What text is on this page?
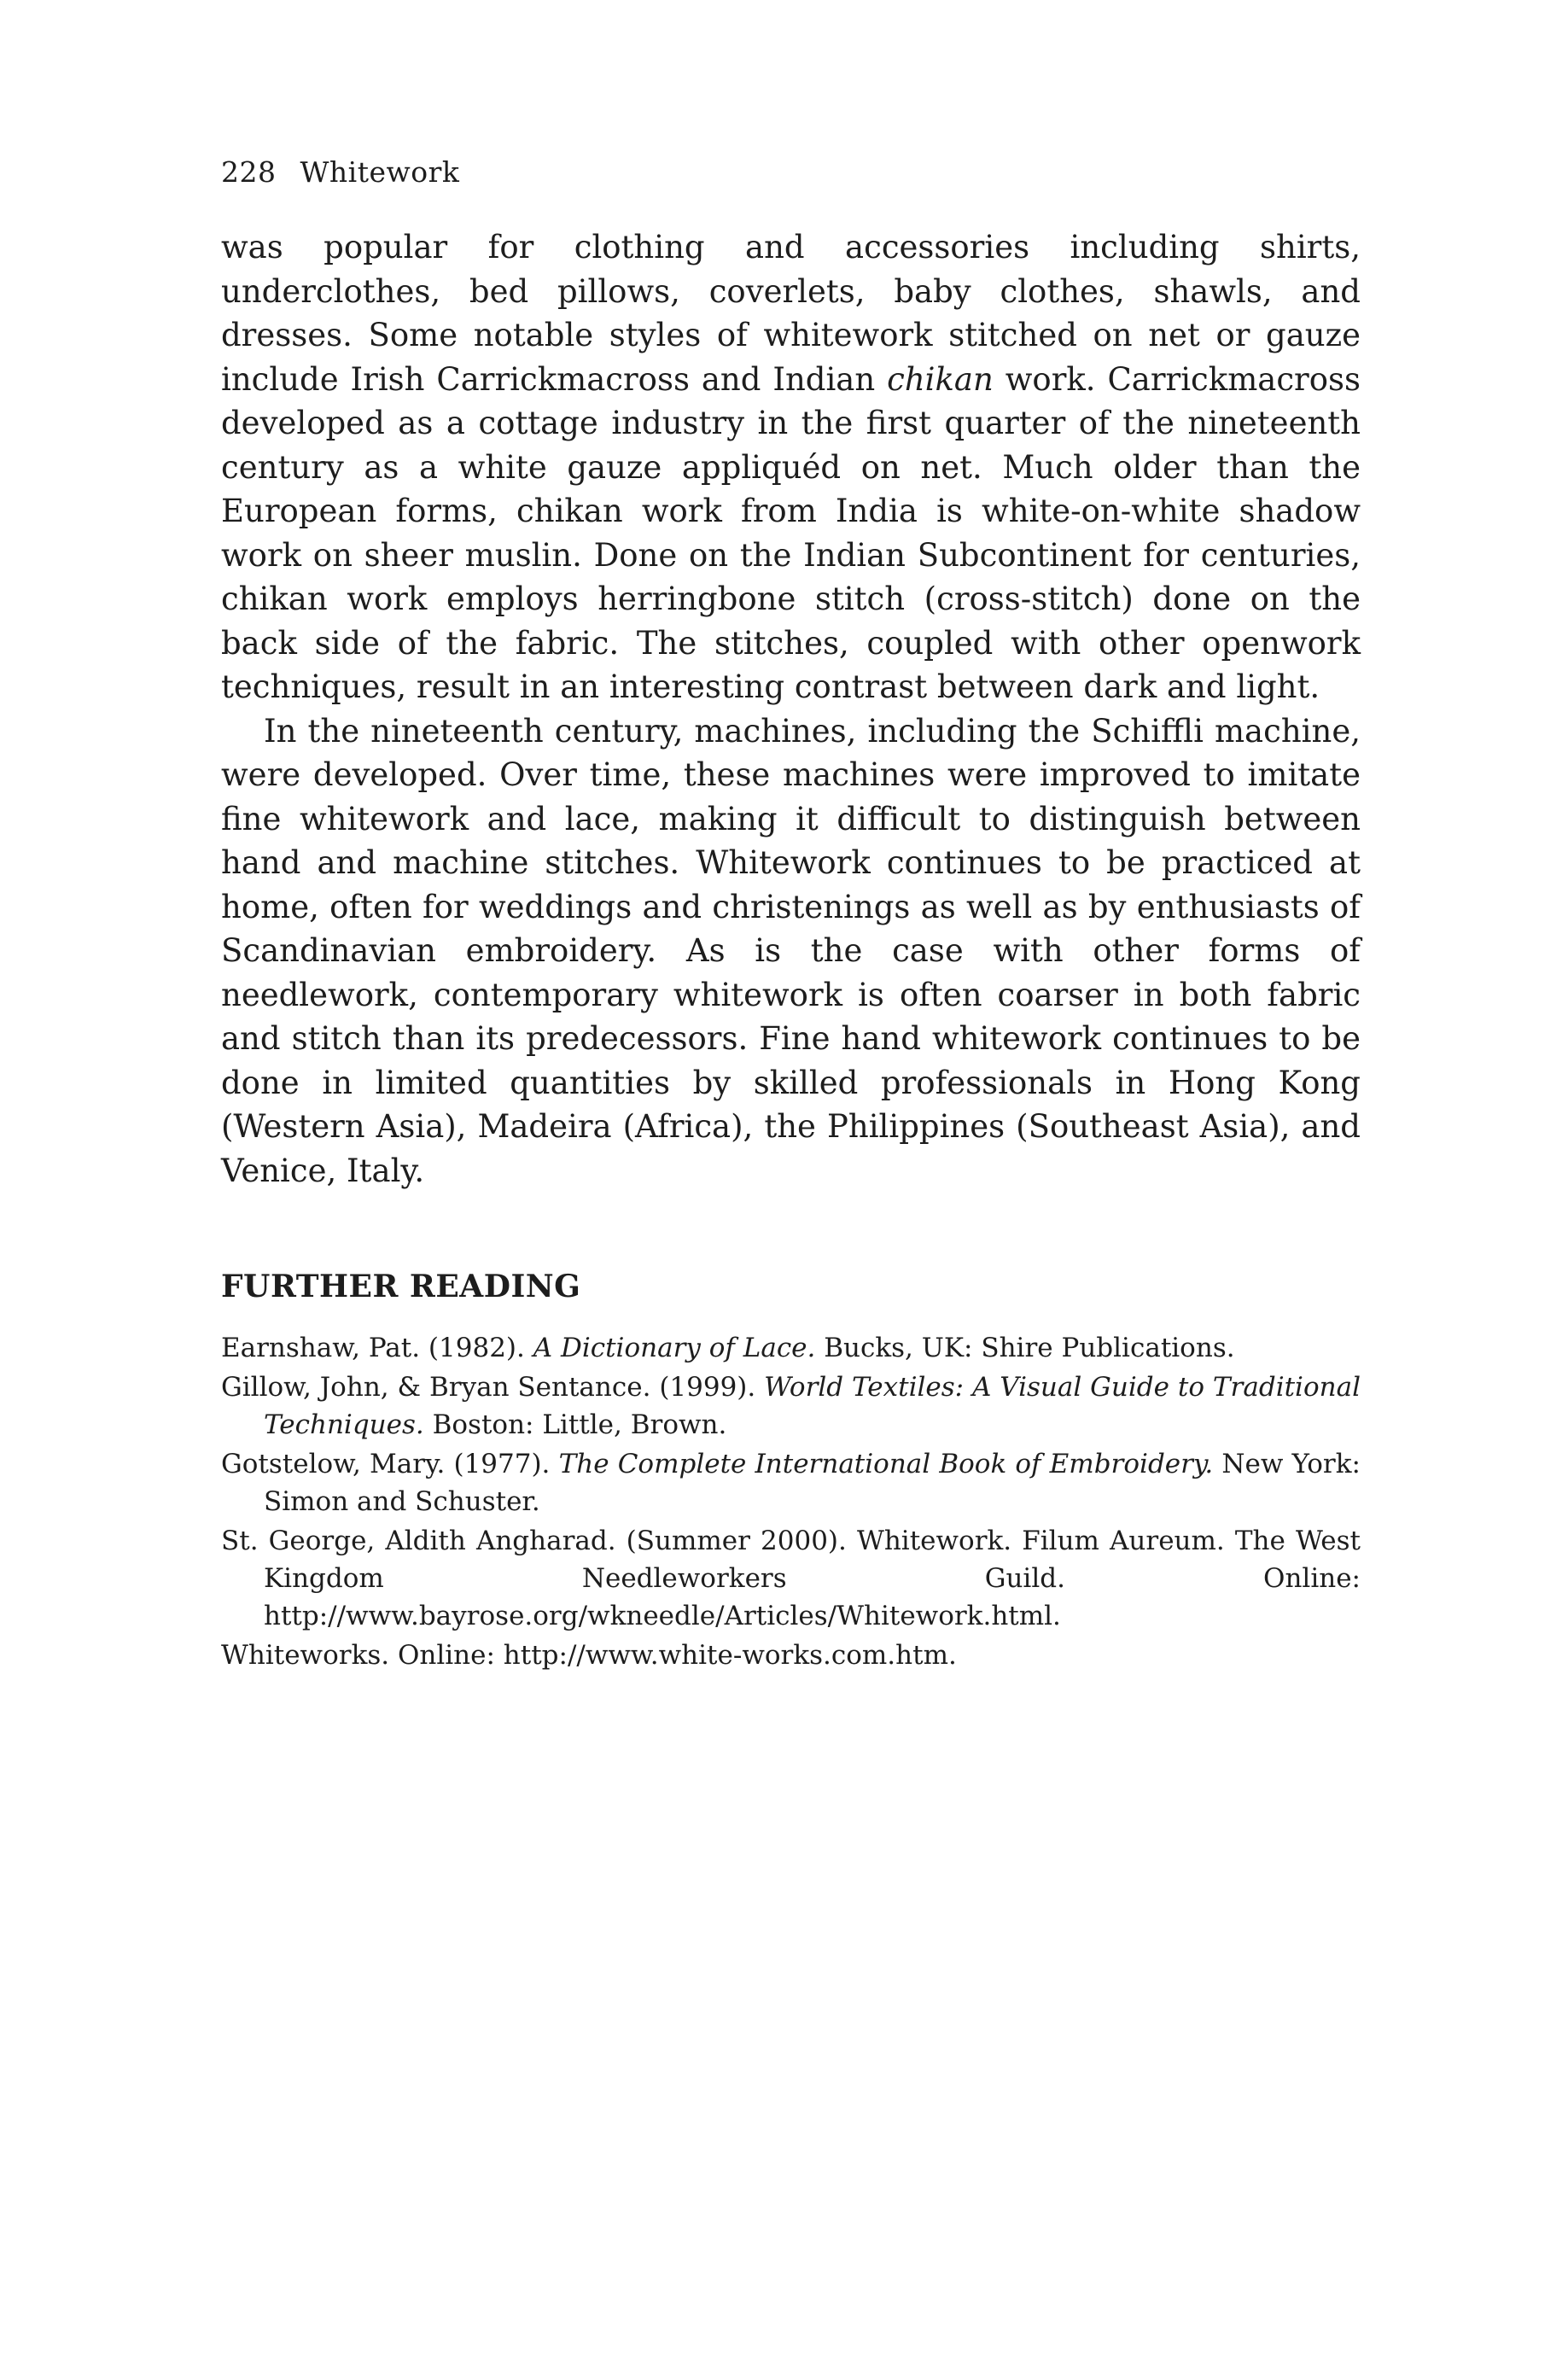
228 Whitework

was popular for clothing and accessories including shirts, underclothes, bed pillows, coverlets, baby clothes, shawls, and dresses. Some notable styles of whitework stitched on net or gauze include Irish Carrickmacross and Indian chikan work. Carrickmacross developed as a cottage industry in the first quarter of the nineteenth century as a white gauze appliquéd on net. Much older than the European forms, chikan work from India is white-on-white shadow work on sheer muslin. Done on the Indian Subcontinent for centuries, chikan work employs herringbone stitch (cross-stitch) done on the back side of the fabric. The stitches, coupled with other openwork techniques, result in an interesting contrast between dark and light.

In the nineteenth century, machines, including the Schiffli machine, were developed. Over time, these machines were improved to imitate fine whitework and lace, making it difficult to distinguish between hand and machine stitches. Whitework continues to be practiced at home, often for weddings and christenings as well as by enthusiasts of Scandinavian embroidery. As is the case with other forms of needlework, contemporary whitework is often coarser in both fabric and stitch than its predecessors. Fine hand whitework continues to be done in limited quantities by skilled professionals in Hong Kong (Western Asia), Madeira (Africa), the Philippines (Southeast Asia), and Venice, Italy.

FURTHER READING
Earnshaw, Pat. (1982). A Dictionary of Lace. Bucks, UK: Shire Publications.
Gillow, John, & Bryan Sentance. (1999). World Textiles: A Visual Guide to Traditional Techniques. Boston: Little, Brown.
Gotstelow, Mary. (1977). The Complete International Book of Embroidery. New York: Simon and Schuster.
St. George, Aldith Angharad. (Summer 2000). Whitework. Filum Aureum. The West Kingdom Needleworkers Guild. Online: http://www.bayrose.org/wkneedle/Articles/Whitework.html.
Whiteworks. Online: http://www.white-works.com.htm.
